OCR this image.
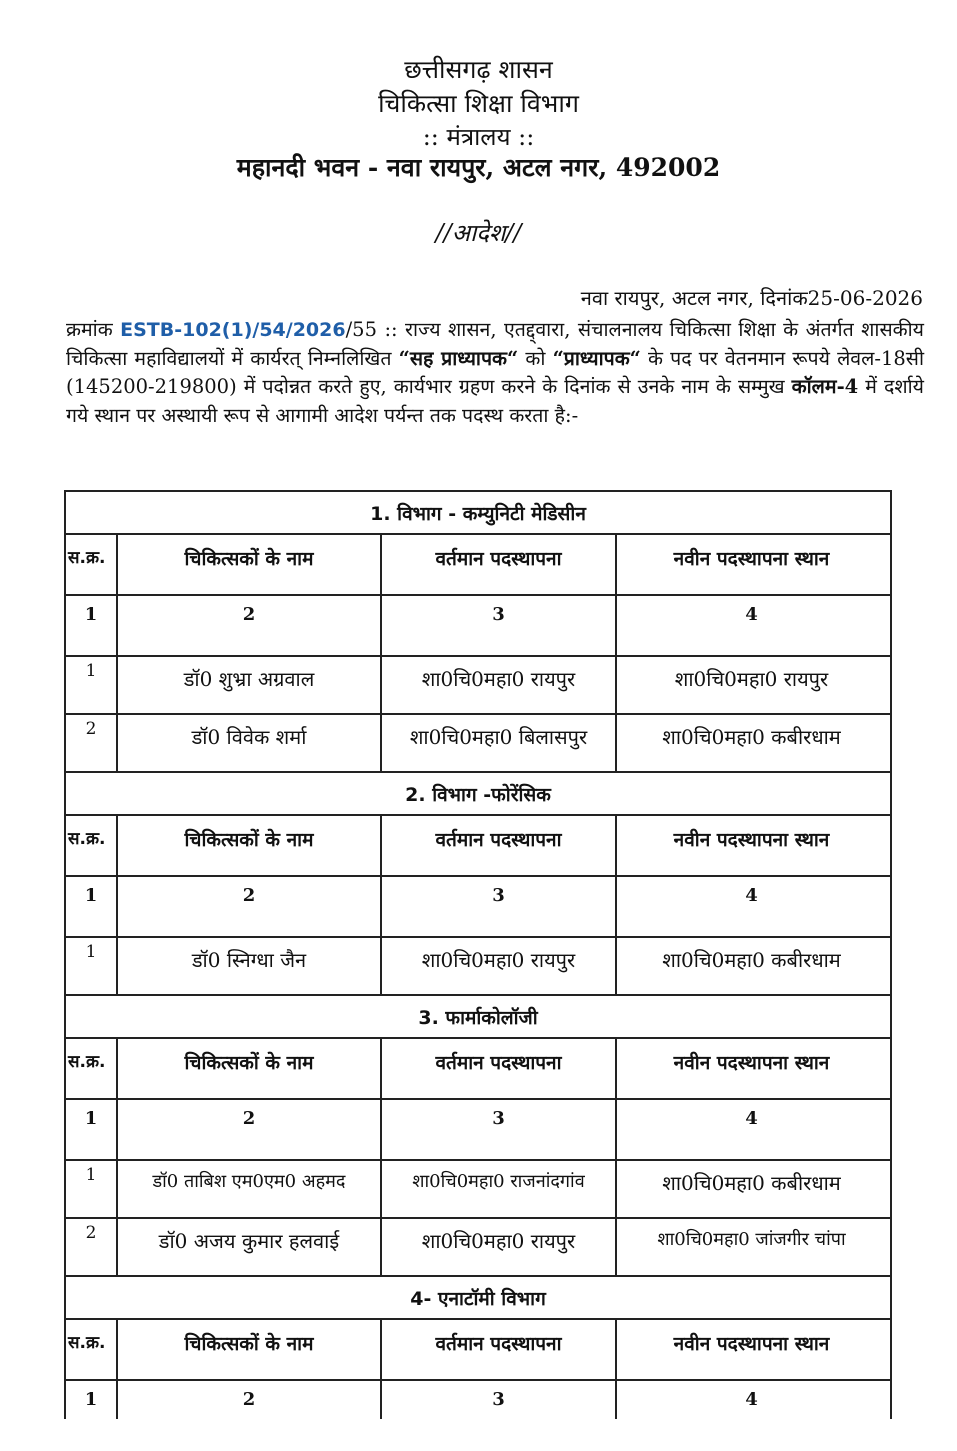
छत्तीसगढ़ शासन
चिकित्सा शिक्षा विभाग
:: मंत्रालय ::
महानदी भवन - नवा रायपुर, अटल नगर, 492002
//आदेश//
नवा रायपुर, अटल नगर, दिनांक25-06-2026
क्रमांक ESTB-102(1)/54/2026/55 :: राज्य शासन, एतद्द्वारा, संचालनालय चिकित्सा शिक्षा के अंतर्गत शासकीय चिकित्सा महाविद्यालयों में कार्यरत् निम्नलिखित “सह प्राध्यापक“ को “प्राध्यापक“ के पद पर वेतनमान रूपये लेवल-18सी (145200-219800) में पदोन्नत करते हुए, कार्यभार ग्रहण करने के दिनांक से उनके नाम के सम्मुख कॉलम-4 में दर्शाये गये स्थान पर अस्थायी रूप से आगामी आदेश पर्यन्त तक पदस्थ करता है:-
1. विभाग - कम्युनिटी मेडिसीन
स.क्र.	चिकित्सकों के नाम	वर्तमान पदस्थापना	नवीन पदस्थापना स्थान
1	2	3	4
1	डॉ0 शुभ्रा अग्रवाल	शा0चि0महा0 रायपुर	शा0चि0महा0 रायपुर
2	डॉ0 विवेक शर्मा	शा0चि0महा0 बिलासपुर	शा0चि0महा0 कबीरधाम
2. विभाग -फोरेंसिक
स.क्र.	चिकित्सकों के नाम	वर्तमान पदस्थापना	नवीन पदस्थापना स्थान
1	2	3	4
1	डॉ0 स्निग्धा जैन	शा0चि0महा0 रायपुर	शा0चि0महा0 कबीरधाम
3. फार्माकोलॉजी
स.क्र.	चिकित्सकों के नाम	वर्तमान पदस्थापना	नवीन पदस्थापना स्थान
1	2	3	4
1	डॉ0 ताबिश एम0एम0 अहमद	शा0चि0महा0 राजनांदगांव	शा0चि0महा0 कबीरधाम
2	डॉ0 अजय कुमार हलवाई	शा0चि0महा0 रायपुर	शा0चि0महा0 जांजगीर चांपा
4- एनाटॉमी विभाग
स.क्र.	चिकित्सकों के नाम	वर्तमान पदस्थापना	नवीन पदस्थापना स्थान
1	2	3	4
